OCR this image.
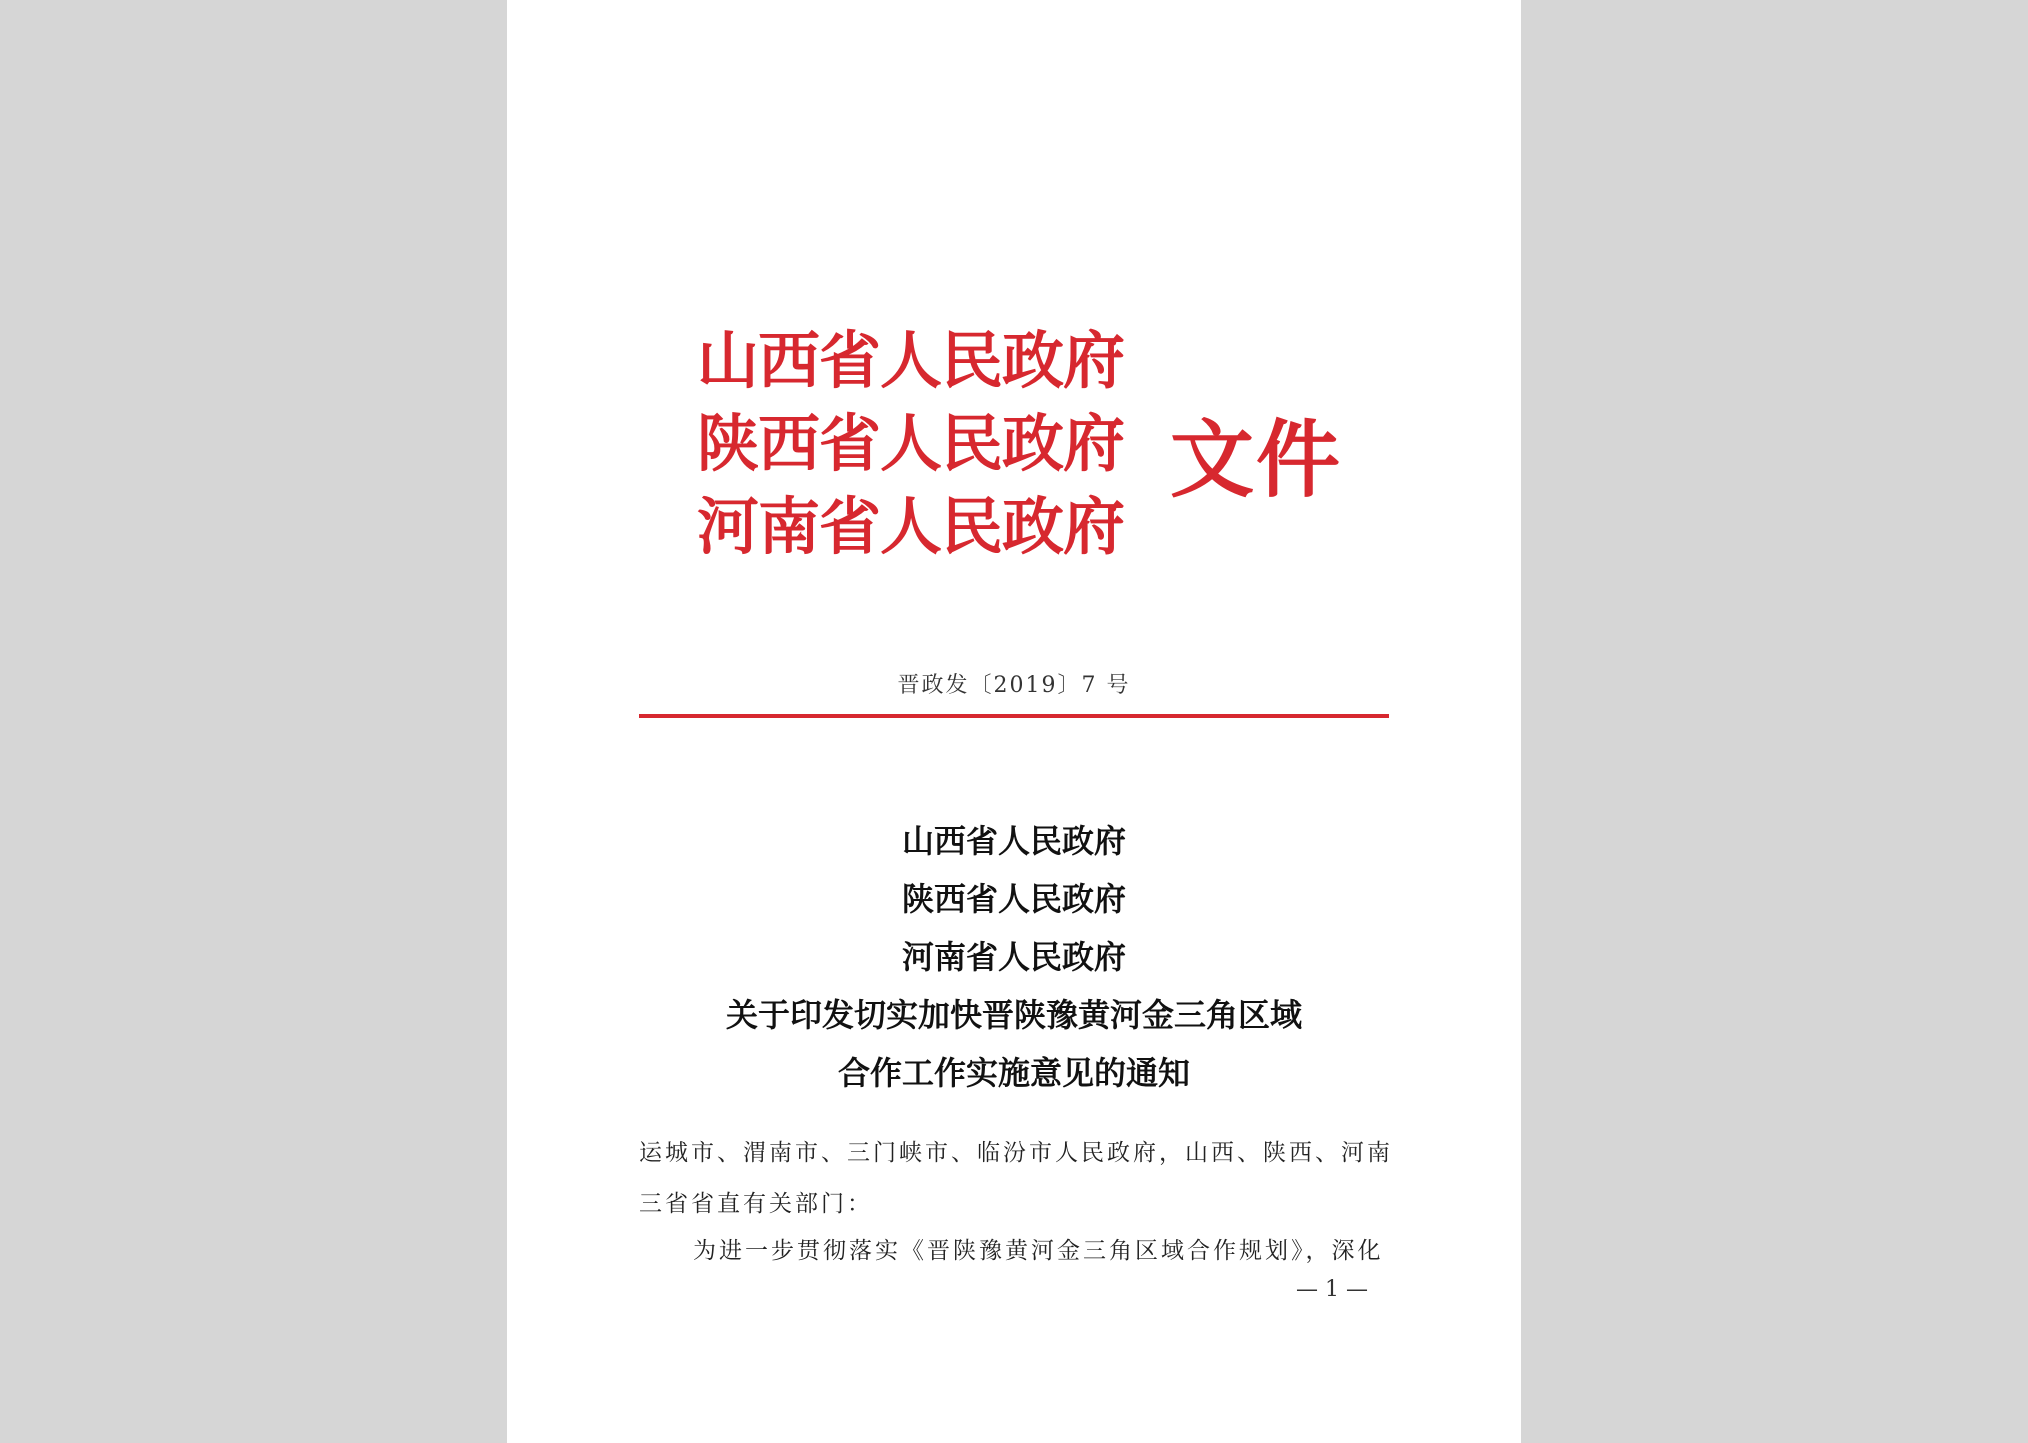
山西省人民政府
陕西省人民政府
河南省人民政府
文件
晋政发〔2019〕7 号
山西省人民政府
陕西省人民政府
河南省人民政府
关于印发切实加快晋陕豫黄河金三角区域
合作工作实施意见的通知
运城市、渭南市、三门峡市、临汾市人民政府，山西、陕西、河南三省省直有关部门：
为进一步贯彻落实《晋陕豫黄河金三角区域合作规划》，深化
— 1 —
